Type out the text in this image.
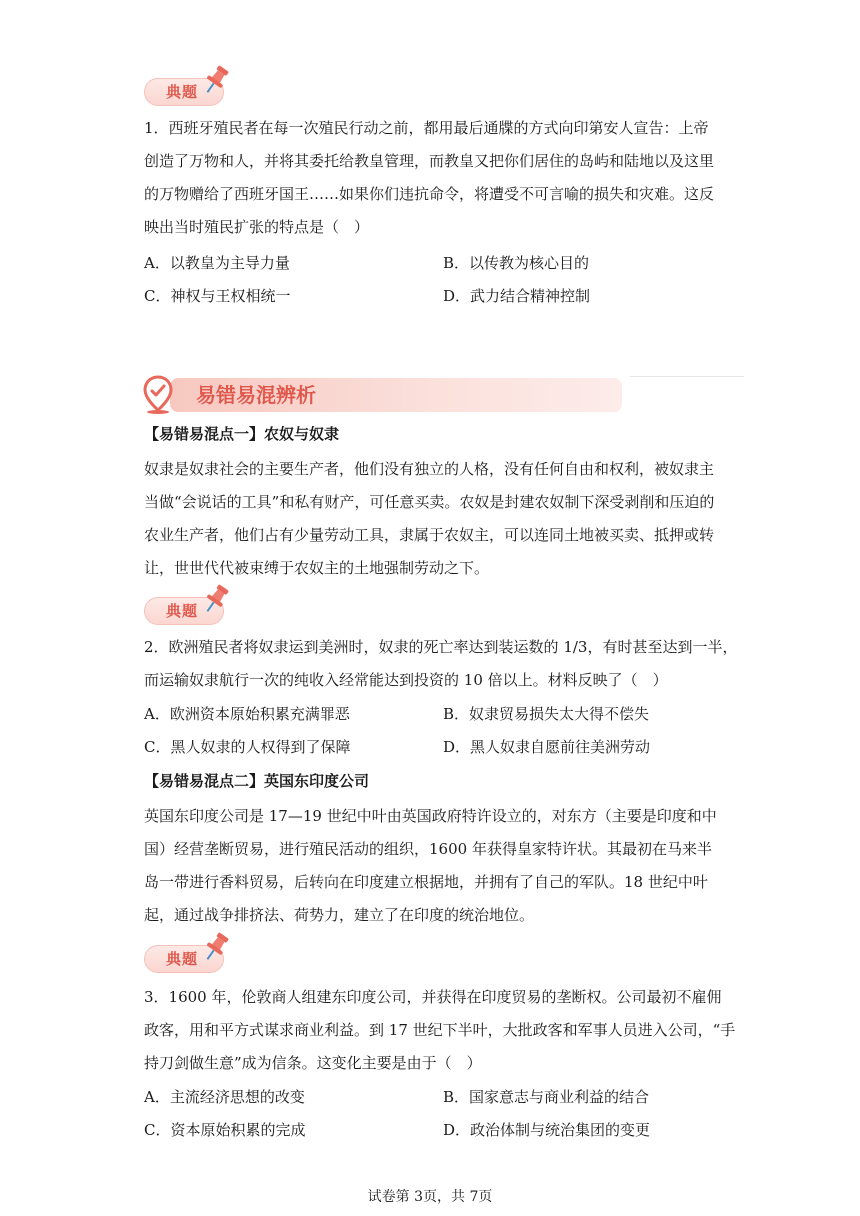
典题
1．西班牙殖民者在每一次殖民行动之前，都用最后通牒的方式向印第安人宣告：上帝
创造了万物和人，并将其委托给教皇管理，而教皇又把你们居住的岛屿和陆地以及这里
的万物赠给了西班牙国王……如果你们违抗命令，将遭受不可言喻的损失和灾难。这反
映出当时殖民扩张的特点是（　）
A．以教皇为主导力量	B．以传教为核心目的
C．神权与王权相统一	D．武力结合精神控制
易错易混辨析
【易错易混点一】农奴与奴隶
奴隶是奴隶社会的主要生产者，他们没有独立的人格，没有任何自由和权利，被奴隶主
当做“会说话的工具”和私有财产，可任意买卖。农奴是封建农奴制下深受剥削和压迫的
农业生产者，他们占有少量劳动工具，隶属于农奴主，可以连同土地被买卖、抵押或转
让，世世代代被束缚于农奴主的土地强制劳动之下。
典题
2．欧洲殖民者将奴隶运到美洲时，奴隶的死亡率达到装运数的 1/3，有时甚至达到一半，
而运输奴隶航行一次的纯收入经常能达到投资的 10 倍以上。材料反映了（　）
A．欧洲资本原始积累充满罪恶	B．奴隶贸易损失太大得不偿失
C．黑人奴隶的人权得到了保障	D．黑人奴隶自愿前往美洲劳动
【易错易混点二】英国东印度公司
英国东印度公司是 17—19 世纪中叶由英国政府特许设立的，对东方（主要是印度和中
国）经营垄断贸易，进行殖民活动的组织，1600 年获得皇家特许状。其最初在马来半
岛一带进行香料贸易，后转向在印度建立根据地，并拥有了自己的军队。18 世纪中叶
起，通过战争排挤法、荷势力，建立了在印度的统治地位。
典题
3．1600 年，伦敦商人组建东印度公司，并获得在印度贸易的垄断权。公司最初不雇佣
政客，用和平方式谋求商业利益。到 17 世纪下半叶，大批政客和军事人员进入公司，“手
持刀剑做生意”成为信条。这变化主要是由于（　）
A．主流经济思想的改变	B．国家意志与商业利益的结合
C．资本原始积累的完成	D．政治体制与统治集团的变更
试卷第 3页，共 7页
